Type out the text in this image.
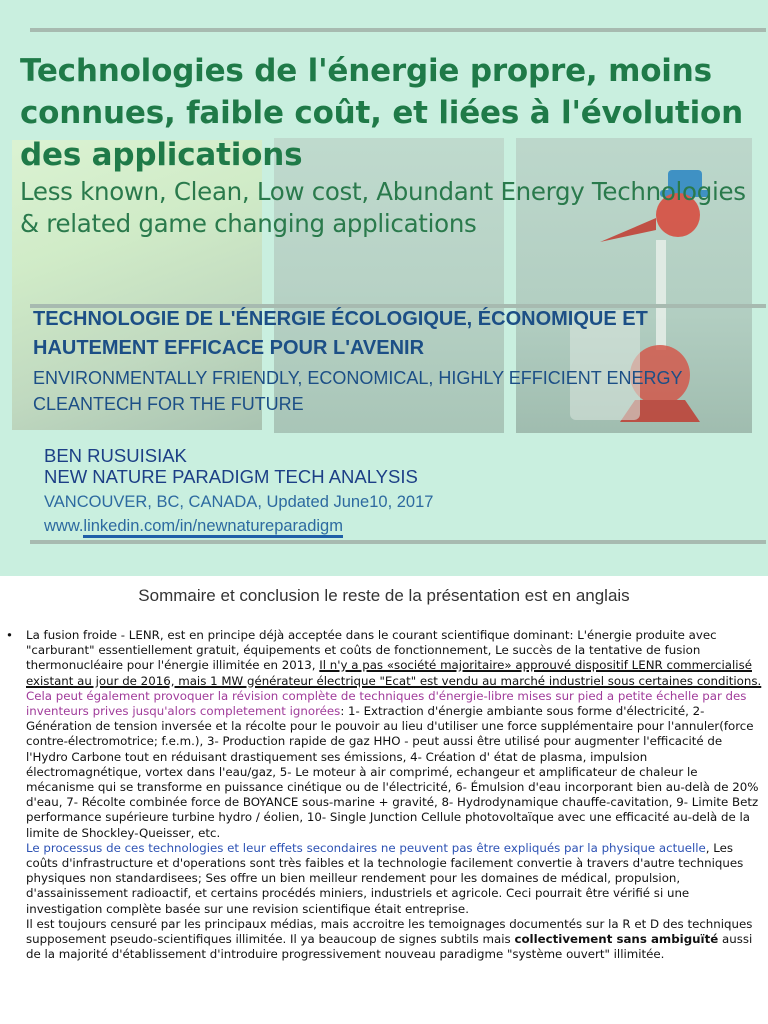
Technologies de l'énergie propre, moins connues, faible coût, et liées à l'évolution des applications

Less known, Clean, Low cost, Abundant Energy Technologies & related game changing applications

TECHNOLOGIE DE L'ÉNERGIE ÉCOLOGIQUE, ÉCONOMIQUE ET HAUTEMENT EFFICACE POUR L'AVENIR

ENVIRONMENTALLY FRIENDLY, ECONOMICAL, HIGHLY EFFICIENT ENERGY CLEANTECH FOR THE FUTURE

BEN RUSUISIAK
NEW NATURE PARADIGM TECH ANALYSIS

VANCOUVER, BC, CANADA, Updated June10, 2017
www.linkedin.com/in/newnatureparadigm

Sommaire et conclusion le reste de la présentation est en anglais
•	La fusion froide - LENR, est en principe déjà acceptée dans le courant scientifique dominant: L'énergie produite avec "carburant" essentiellement gratuit, équipements et coûts de fonctionnement, Le succès de la tentative de fusion thermonucléaire pour l'énergie illimitée en 2013, Il n'y a pas «société majoritaire» approuvé dispositif LENR commercialisé existant au jour de 2016, mais 1 MW générateur électrique "Ecat" est vendu au marché industriel sous certaines conditions. Cela peut également provoquer la révision complète de techniques d'énergie-libre mises sur pied a petite échelle par des inventeurs prives jusqu'alors completement ignorées: 1- Extraction d'énergie ambiante sous forme d'électricité, 2- Génération de tension inversée et la récolte pour le pouvoir au lieu d'utiliser une force supplémentaire pour l'annuler(force contre-électromotrice; f.e.m.), 3- Production rapide de gaz HHO - peut aussi être utilisé pour augmenter l'efficacité de l'Hydro Carbone tout en réduisant drastiquement ses émissions, 4- Création d' état de plasma, impulsion électromagnétique, vortex dans l'eau/gaz, 5- Le moteur à air comprimé, echangeur et amplificateur de chaleur le mécanisme qui se transforme en puissance cinétique ou de l'électricité, 6- Émulsion d'eau incorporant bien au-delà de 20% d'eau, 7- Récolte combinée force de BOYANCE sous-marine + gravité, 8- Hydrodynamique chauffe-cavitation, 9- Limite Betz performance supérieure turbine hydro / éolien, 10- Single Junction Cellule photovoltaïque avec une efficacité au-delà de la limite de Shockley-Queisser, etc.
Le processus de ces technologies et leur effets secondaires ne peuvent pas être expliqués par la physique actuelle, Les coûts d'infrastructure et d'operations sont très faibles et la technologie facilement convertie à travers d'autre techniques physiques non standardisees; Ses offre un bien meilleur rendement pour les domaines de médical, propulsion, d'assainissement radioactif, et certains procédés miniers, industriels et agricole. Ceci pourrait être vérifié si une investigation complète basée sur une revision scientifique était entreprise.
Il est toujours censuré par les principaux médias, mais accroitre les temoignages documentés sur la R et D des techniques supposement pseudo-scientifiques illimitée. Il ya beaucoup de signes subtils mais collectivement sans ambiguïté aussi de la majorité d'établissement d'introduire progressivement nouveau paradigme "système ouvert" illimitée.
